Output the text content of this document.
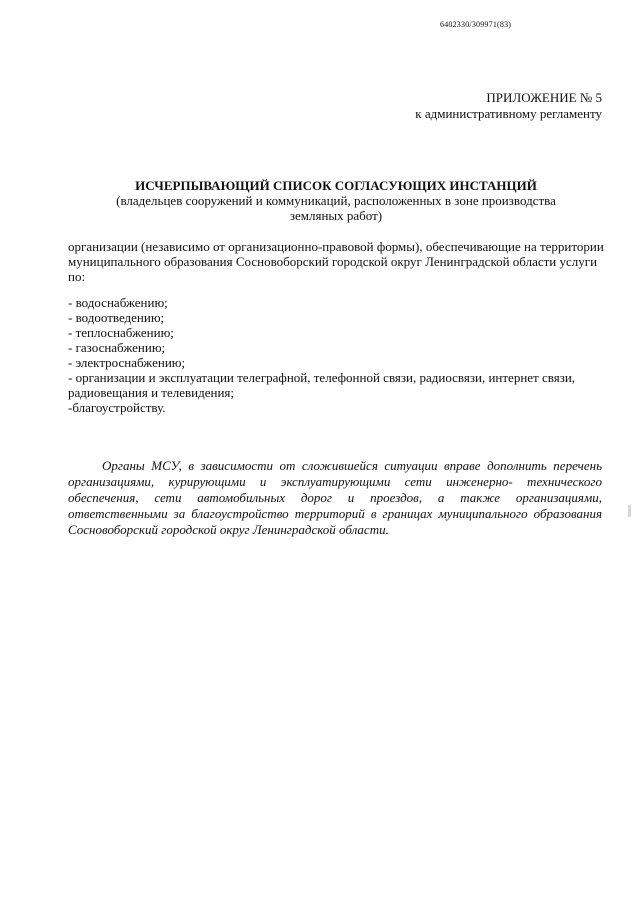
6402330/309971(83)
ПРИЛОЖЕНИЕ № 5
к административному регламенту
ИСЧЕРПЫВАЮЩИЙ СПИСОК СОГЛАСУЮЩИХ ИНСТАНЦИЙ
(владельцев сооружений и коммуникаций, расположенных в зоне производства
земляных работ)
организации (независимо от организационно-правовой формы), обеспечивающие на территории
муниципального образования Сосновоборский городской округ Ленинградской области услуги
по:
- водоснабжению;
- водоотведению;
- теплоснабжению;
- газоснабжению;
- электроснабжению;
- организации и эксплуатации телеграфной, телефонной связи, радиосвязи, интернет связи,
радиовещания и телевидения;
-благоустройству.
Органы МСУ, в зависимости от сложившейся ситуации вправе дополнить перечень
организациями, курирующими и эксплуатирующими сети инженерно- технического
обеспечения, сети автомобильных дорог и проездов, а также организациями,
ответственными за благоустройство территорий в границах муниципального образования
Сосновоборский городской округ Ленинградской области.
